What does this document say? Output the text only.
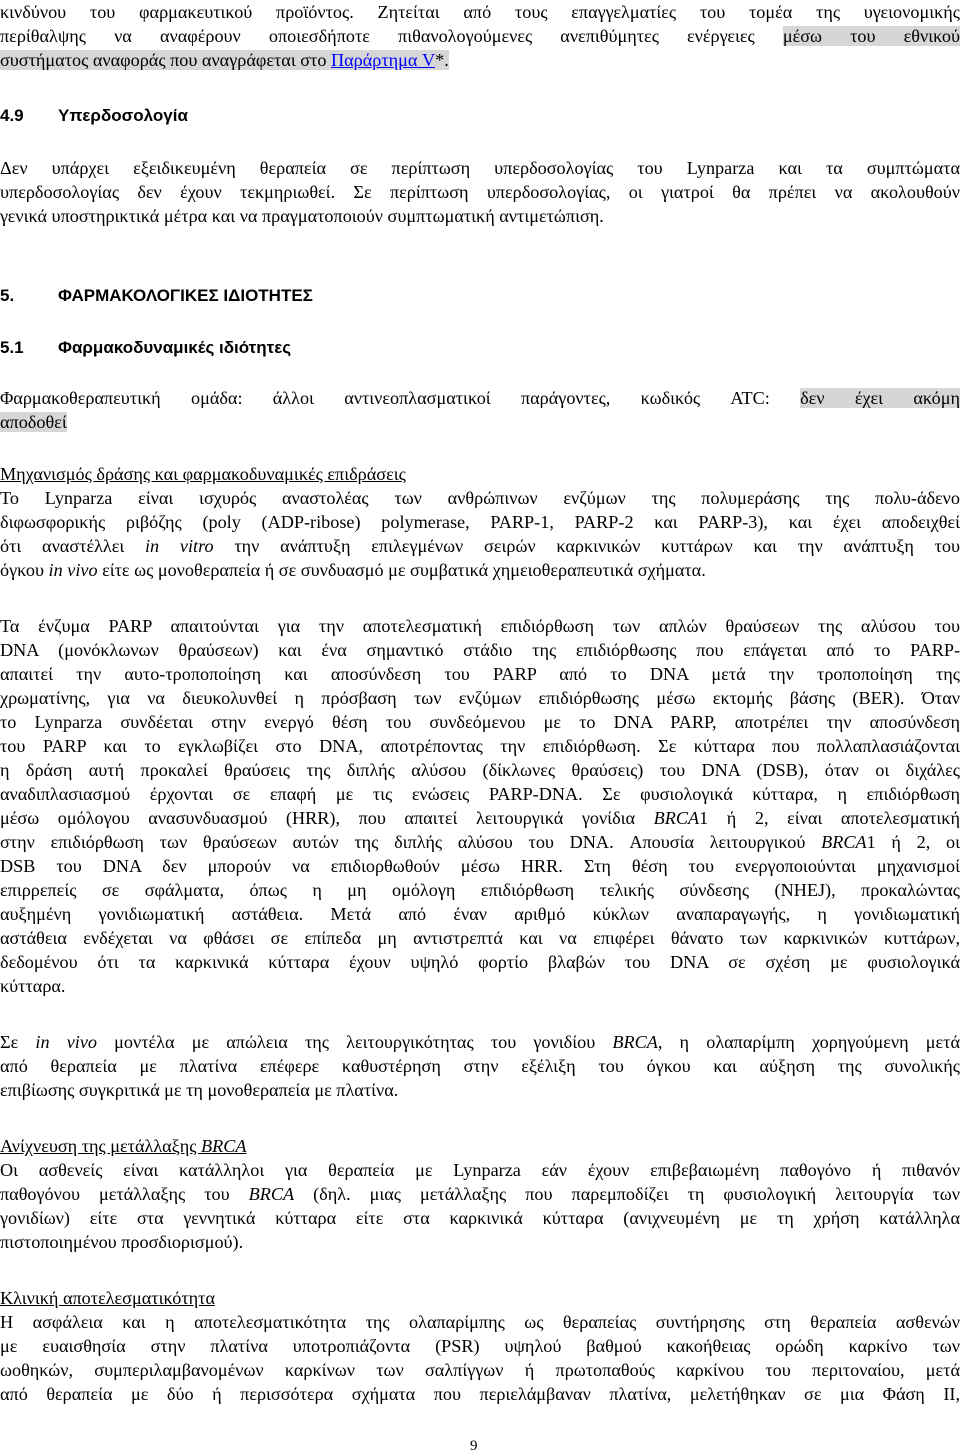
κινδύνου του φαρμακευτικού προϊόντος. Ζητείται από τους επαγγελματίες του τομέα της υγειονομικής
περίθαλψης να αναφέρουν οποιεσδήποτε πιθανολογούμενες ανεπιθύμητες ενέργειες μέσω του εθνικού
συστήματος αναφοράς που αναγράφεται στο Παράρτημα V*.
4.9 Υπερδοσολογία
Δεν υπάρχει εξειδικευμένη θεραπεία σε περίπτωση υπερδοσολογίας του Lynparza και τα συμπτώματα
υπερδοσολογίας δεν έχουν τεκμηριωθεί. Σε περίπτωση υπερδοσολογίας, οι γιατροί θα πρέπει να ακολουθούν
γενικά υποστηρικτικά μέτρα και να πραγματοποιούν συμπτωματική αντιμετώπιση.
5.	ΦΑΡΜΑΚΟΛΟΓΙΚΕΣ ΙΔΙΟΤΗΤΕΣ
5.1 Φαρμακοδυναμικές ιδιότητες
Φαρμακοθεραπευτική ομάδα: άλλοι αντινεοπλασματικοί παράγοντες, κωδικός ATC: δεν έχει ακόμη
αποδοθεί
Μηχανισμός δράσης και φαρμακοδυναμικές επιδράσεις
Το Lynparza είναι ισχυρός αναστολέας των ανθρώπινων ενζύμων της πολυμεράσης της πολυ-άδενο
διφωσφορικής ριβόζης (poly (ADP-ribose) polymerase, PARP-1, PARP-2 και PARP-3), και έχει αποδειχθεί
ότι αναστέλλει in vitro την ανάπτυξη επιλεγμένων σειρών καρκινικών κυττάρων και την ανάπτυξη του
όγκου in vivo είτε ως μονοθεραπεία ή σε συνδυασμό με συμβατικά χημειοθεραπευτικά σχήματα.
Τα ένζυμα PARP απαιτούνται για την αποτελεσματική επιδιόρθωση των απλών θραύσεων της αλύσου του
DNA (μονόκλωνων θραύσεων) και ένα σημαντικό στάδιο της επιδιόρθωσης που επάγεται από το PARP-
απαιτεί την αυτο-τροποποίηση και αποσύνδεση του PARP από το DNA μετά την τροποποίηση της
χρωματίνης, για να διευκολυνθεί η πρόσβαση των ενζύμων επιδιόρθωσης μέσω εκτομής βάσης (BER). Όταν
το Lynparza συνδέεται στην ενεργό θέση του συνδεόμενου με το DNA PARP, αποτρέπει την αποσύνδεση
του PARP και το εγκλωβίζει στο DNA, αποτρέποντας την επιδιόρθωση. Σε κύτταρα που πολλαπλασιάζονται
η δράση αυτή προκαλεί θραύσεις της διπλής αλύσου (δίκλωνες θραύσεις) του DNA (DSB), όταν οι διχάλες
αναδιπλασιασμού έρχονται σε επαφή με τις ενώσεις PARP-DNA. Σε φυσιολογικά κύτταρα, η επιδιόρθωση
μέσω ομόλογου ανασυνδυασμού (HRR), που απαιτεί λειτουργικά γονίδια BRCA1 ή 2, είναι αποτελεσματική
στην επιδιόρθωση των θραύσεων αυτών της διπλής αλύσου του DNA. Απουσία λειτουργικού BRCA1 ή 2, οι
DSB του DNA δεν μπορούν να επιδιορθωθούν μέσω HRR. Στη θέση του ενεργοποιούνται μηχανισμοί
επιρρεπείς σε σφάλματα, όπως η μη ομόλογη επιδιόρθωση τελικής σύνδεσης (NHEJ), προκαλώντας
αυξημένη γονιδιωματική αστάθεια. Μετά από έναν αριθμό κύκλων αναπαραγωγής, η γονιδιωματική
αστάθεια ενδέχεται να φθάσει σε επίπεδα μη αντιστρεπτά και να επιφέρει θάνατο των καρκινικών κυττάρων,
δεδομένου ότι τα καρκινικά κύτταρα έχουν υψηλό φορτίο βλαβών του DNA σε σχέση με φυσιολογικά
κύτταρα.
Σε in vivo μοντέλα με απώλεια της λειτουργικότητας του γονιδίου BRCA, η ολαπαρίμπη χορηγούμενη μετά
από θεραπεία με πλατίνα επέφερε καθυστέρηση στην εξέλιξη του όγκου και αύξηση της συνολικής
επιβίωσης συγκριτικά με τη μονοθεραπεία με πλατίνα.
Ανίχνευση της μετάλλαξης BRCA
Οι ασθενείς είναι κατάλληλοι για θεραπεία με Lynparza εάν έχουν επιβεβαιωμένη παθογόνο ή πιθανόν
παθογόνου μετάλλαξης του BRCA (δηλ. μιας μετάλλαξης που παρεμποδίζει τη φυσιολογική λειτουργία των
γονιδίων) είτε στα γεννητικά κύτταρα είτε στα καρκινικά κύτταρα (ανιχνευμένη με τη χρήση κατάλληλα
πιστοποιημένου προσδιορισμού).
Κλινική αποτελεσματικότητα
Η ασφάλεια και η αποτελεσματικότητα της ολαπαρίμπης ως θεραπείας συντήρησης στη θεραπεία ασθενών
με ευαισθησία στην πλατίνα υποτροπιάζοντα (PSR) υψηλού βαθμού κακοήθειας ορώδη καρκίνο των
ωοθηκών, συμπεριλαμβανομένων καρκίνων των σαλπίγγων ή πρωτοπαθούς καρκίνου του περιτοναίου, μετά
από θεραπεία με δύο ή περισσότερα σχήματα που περιελάμβαναν πλατίνα, μελετήθηκαν σε μια Φάση II,
9
